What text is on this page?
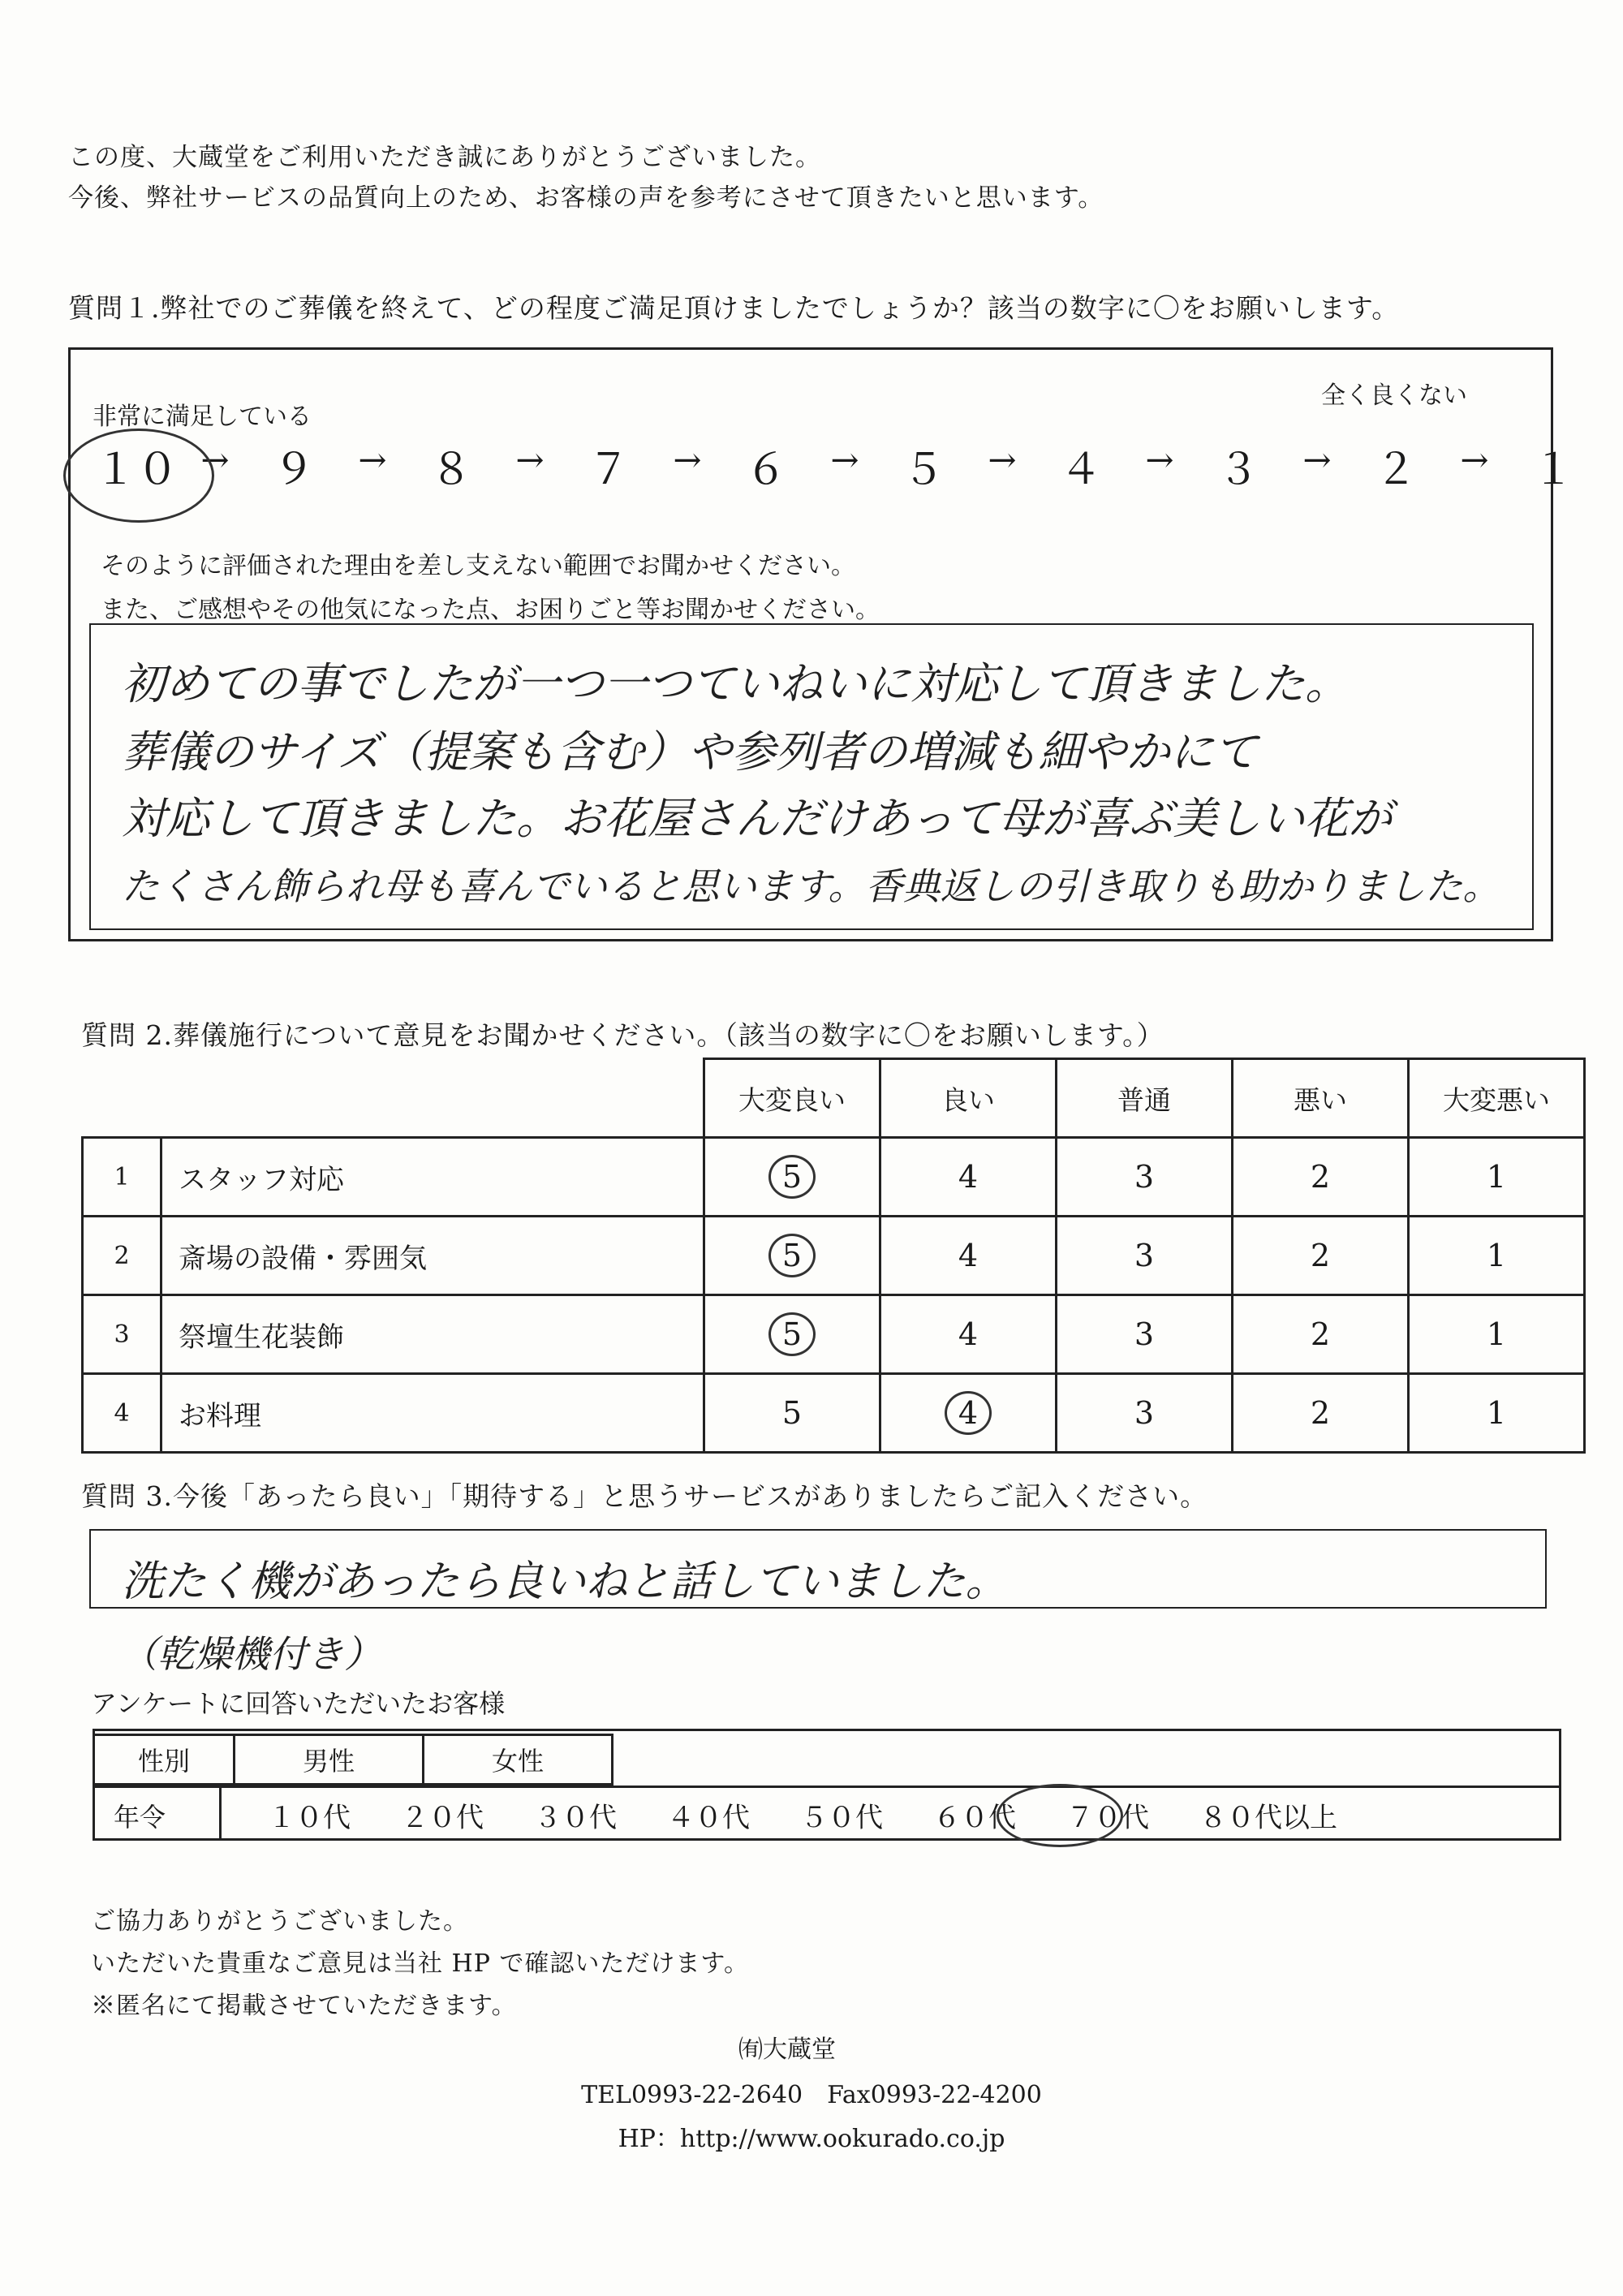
この度、大蔵堂をご利用いただき誠にありがとうございました。
今後、弊社サービスの品質向上のため、お客様の声を参考にさせて頂きたいと思います。
質問１.弊社でのご葬儀を終えて、どの程度ご満足頂けましたでしょうか？該当の数字に〇をお願いします。
非常に満足している
全く良くない
１０ → ９ → ８ → ７ → ６ → ５ → ４ → ３ → ２ → １
そのように評価された理由を差し支えない範囲でお聞かせください。
また、ご感想やその他気になった点、お困りごと等お聞かせください。
初めての事でしたが一つ一つていねいに対応して頂きました。
葬儀のサイズ（提案も含む）や参列者の増減も細やかにて
対応して頂きました。お花屋さんだけあって母が喜ぶ美しい花が
たくさん飾られ母も喜んでいると思います。香典返しの引き取りも助かりました。
質問 2.葬儀施行について意見をお聞かせください。（該当の数字に〇をお願いします。）
		大変良い	良い	普通	悪い	大変悪い
1	スタッフ対応	5	4	3	2	1
2	斎場の設備・雰囲気	5	4	3	2	1
3	祭壇生花装飾	5	4	3	2	1
4	お料理	5	4	3	2	1
質問 3.今後「あったら良い」「期待する」と思うサービスがありましたらご記入ください。
洗たく機があったら良いねと話していました。
（乾燥機付き）
アンケートに回答いただいたお客様
性別	男性	女性
年令	１０代 ２０代 ３０代 ４０代 ５０代 ６０代 ７０代 ８０代以上
ご協力ありがとうございました。
いただいた貴重なご意見は当社 HP で確認いただけます。
※匿名にて掲載させていただきます。
㈲大蔵堂
TEL0993-22-2640　Fax0993-22-4200
HP：http://www.ookurado.co.jp
